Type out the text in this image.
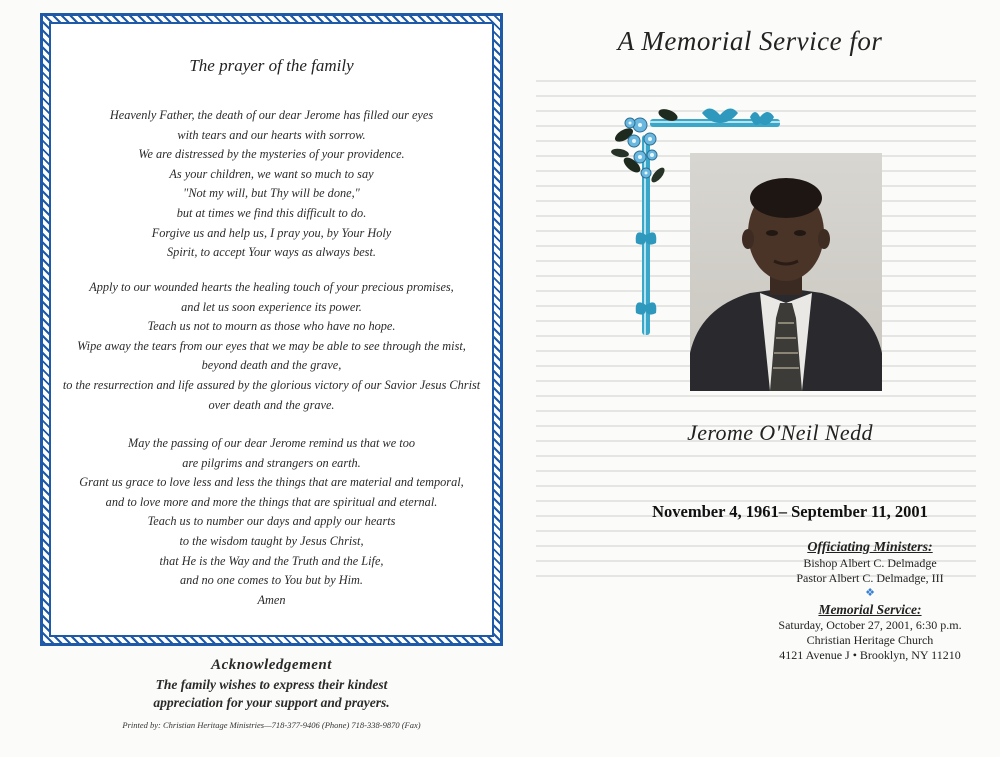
The prayer of the family
Heavenly Father, the death of our dear Jerome has filled our eyes
with tears and our hearts with sorrow.
We are distressed by the mysteries of your providence.
As your children, we want so much to say
"Not my will, but Thy will be done,"
but at times we find this difficult to do.
Forgive us and help us, I pray you, by Your Holy
Spirit, to accept Your ways as always best.
Apply to our wounded hearts the healing touch of your precious promises,
and let us soon experience its power.
Teach us not to mourn as those who have no hope.
Wipe away the tears from our eyes that we may be able to see through the mist,
beyond death and the grave,
to the resurrection and life assured by the glorious victory of our Savior Jesus Christ
over death and the grave.
May the passing of our dear Jerome remind us that we too
are pilgrims and strangers on earth.
Grant us grace to love less and less the things that are material and temporal,
and to love more and more the things that are spiritual and eternal.
Teach us to number our days and apply our hearts
to the wisdom taught by Jesus Christ,
that He is the Way and the Truth and the Life,
and no one comes to You but by Him.
Amen
Acknowledgement
The family wishes to express their kindest
appreciation for your support and prayers.
Printed by: Christian Heritage Ministries—718-377-9406 (Phone) 718-338-9870 (Fax)
A Memorial Service for
Jerome O'Neil Nedd
November 4, 1961– September 11, 2001
Officiating Ministers:
Bishop Albert C. Delmadge
Pastor Albert C. Delmadge, III
❖
Memorial Service:
Saturday, October 27, 2001, 6:30 p.m.
Christian Heritage Church
4121 Avenue J • Brooklyn, NY 11210
